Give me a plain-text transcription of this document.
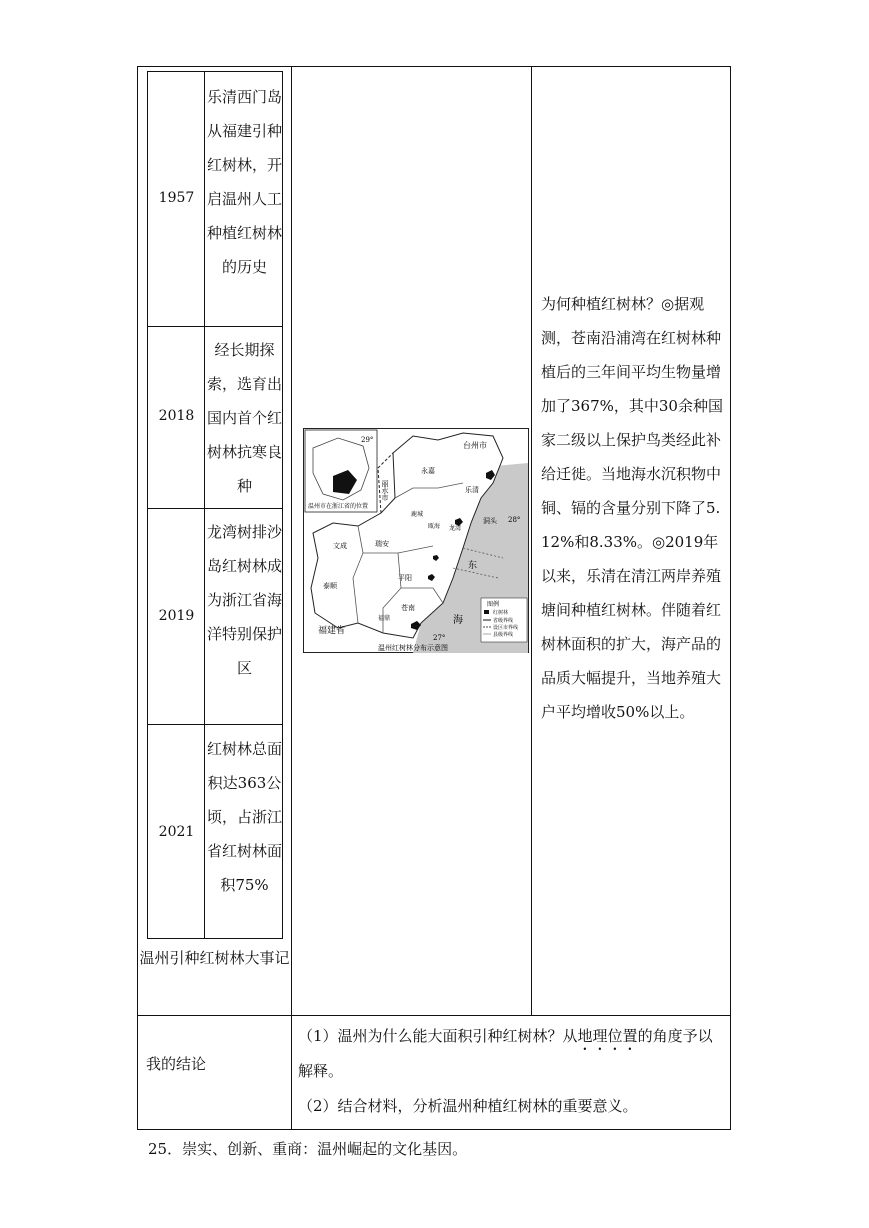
1957
乐清西门岛从福建引种红树林，开启温州人工种植红树林的历史
2018
经长期探索，选育出国内首个红树林抗寒良种
2019
龙湾树排沙岛红树林成为浙江省海洋特别保护区
2021
红树林总面积达363公顷，占浙江省红树林面积75%
温州引种红树林大事记
29°
温州市在浙江省的位置
台州市
丽水市
永嘉
乐清
鹿城
瓯海 龙湾
洞头
文成	瑞安
平阳
泰顺
苍南
福鼎
福建省
东
海
28°
27°
图例
红树林
省级界线
设区市界线
县级界线
温州红树林分布示意图
为何种植红树林？◎据观测，苍南沿浦湾在红树林种植后的三年间平均生物量增加了367%，其中30余种国家二级以上保护鸟类经此补给迁徙。当地海水沉积物中铜、镉的含量分别下降了5.12%和8.33%。◎2019年以来，乐清在清江两岸养殖塘间种植红树林。伴随着红树林面积的扩大，海产品的品质大幅提升，当地养殖大户平均增收50%以上。
我的结论
（1）温州为什么能大面积引种红树林？从地理位置的角度予以解释。
（2）结合材料，分析温州种植红树林的重要意义。
25．崇实、创新、重商：温州崛起的文化基因。
